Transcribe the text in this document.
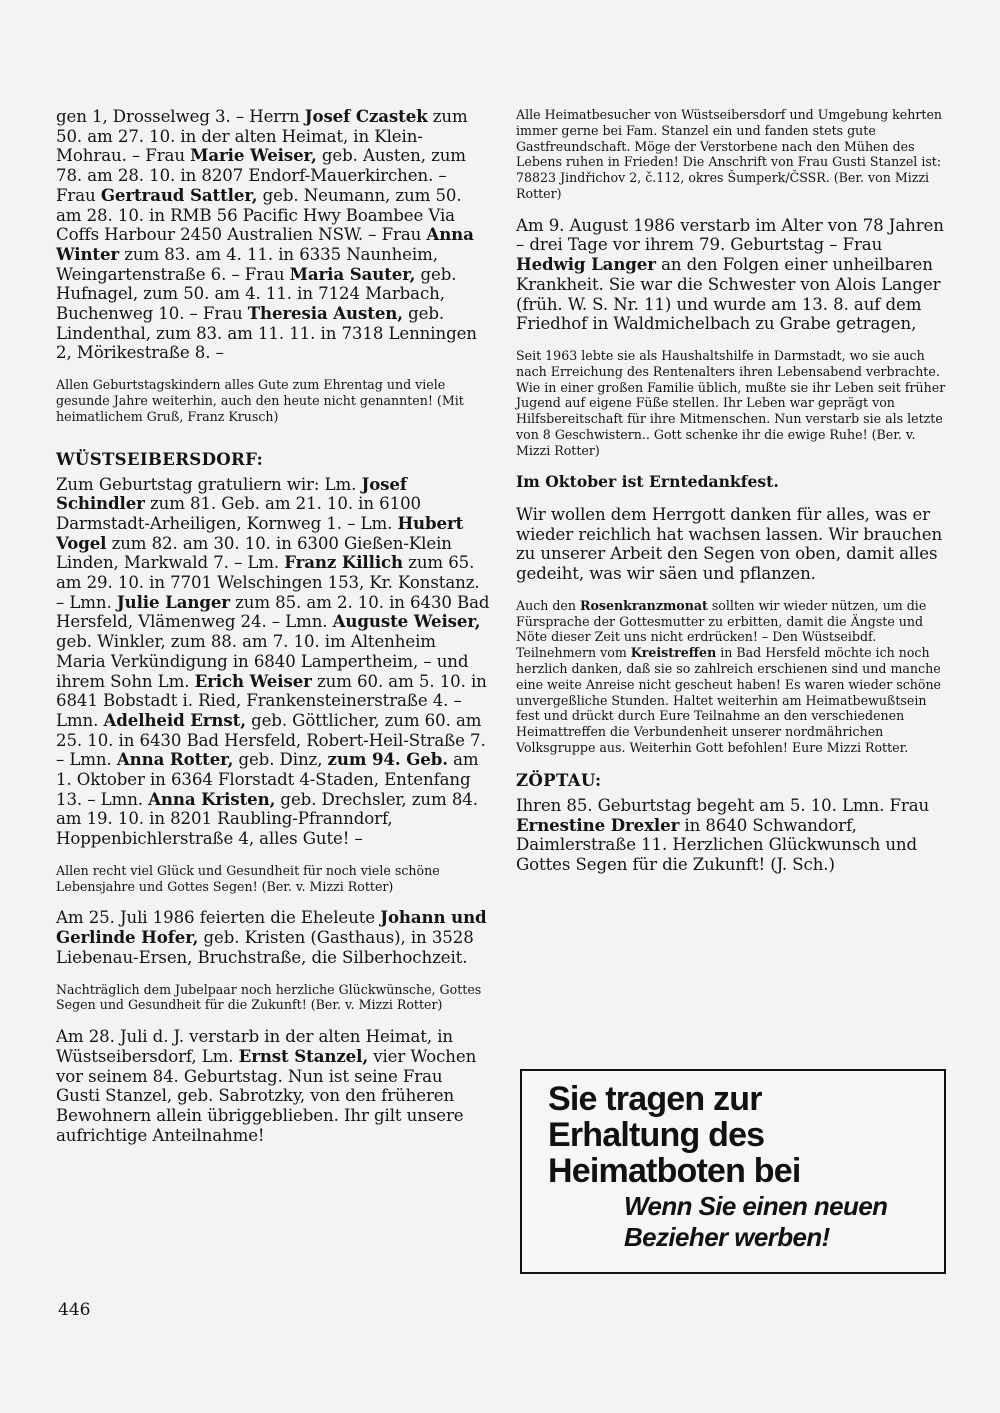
gen 1, Drosselweg 3. – Herrn Josef Czastek zum 50. am 27. 10. in der alten Heimat, in Klein-Mohrau. – Frau Marie Weiser, geb. Austen, zum 78. am 28. 10. in 8207 Endorf-Mauerkirchen. – Frau Gertraud Sattler, geb. Neumann, zum 50. am 28. 10. in RMB 56 Pacific Hwy Boambee Via Coffs Harbour 2450 Australien NSW. – Frau Anna Winter zum 83. am 4. 11. in 6335 Naunheim, Weingartenstraße 6. – Frau Maria Sauter, geb. Hufnagel, zum 50. am 4. 11. in 7124 Marbach, Buchenweg 10. – Frau Theresia Austen, geb. Lindenthal, zum 83. am 11. 11. in 7318 Lenningen 2, Mörikestraße 8. –
Allen Geburtstagskindern alles Gute zum Ehrentag und viele gesunde Jahre weiterhin, auch den heute nicht genannten! (Mit heimatlichem Gruß, Franz Krusch)
WÜSTSEIBERSDORF:
Zum Geburtstag gratuliern wir: Lm. Josef Schindler zum 81. Geb. am 21. 10. in 6100 Darmstadt-Arheiligen, Kornweg 1. – Lm. Hubert Vogel zum 82. am 30. 10. in 6300 Gießen-Klein Linden, Markwald 7. – Lm. Franz Killich zum 65. am 29. 10. in 7701 Welschingen 153, Kr. Konstanz. – Lmn. Julie Langer zum 85. am 2. 10. in 6430 Bad Hersfeld, Vlämenweg 24. – Lmn. Auguste Weiser, geb. Winkler, zum 88. am 7. 10. im Altenheim Maria Verkündigung in 6840 Lampertheim, – und ihrem Sohn Lm. Erich Weiser zum 60. am 5. 10. in 6841 Bobstadt i. Ried, Frankensteinerstraße 4. – Lmn. Adelheid Ernst, geb. Göttlicher, zum 60. am 25. 10. in 6430 Bad Hersfeld, Robert-Heil-Straße 7. – Lmn. Anna Rotter, geb. Dinz, zum 94. Geb. am 1. Oktober in 6364 Florstadt 4-Staden, Entenfang 13. – Lmn. Anna Kristen, geb. Drechsler, zum 84. am 19. 10. in 8201 Raubling-Pfranndorf, Hoppenbichlerstraße 4, alles Gute! –
Allen recht viel Glück und Gesundheit für noch viele schöne Lebensjahre und Gottes Segen! (Ber. v. Mizzi Rotter)
Am 25. Juli 1986 feierten die Eheleute Johann und Gerlinde Hofer, geb. Kristen (Gasthaus), in 3528 Liebenau-Ersen, Bruchstraße, die Silberhochzeit.
Nachträglich dem Jubelpaar noch herzliche Glückwünsche, Gottes Segen und Gesundheit für die Zukunft! (Ber. v. Mizzi Rotter)
Am 28. Juli d. J. verstarb in der alten Heimat, in Wüstseibersdorf, Lm. Ernst Stanzel, vier Wochen vor seinem 84. Geburtstag. Nun ist seine Frau Gusti Stanzel, geb. Sabrotzky, von den früheren Bewohnern allein übriggeblieben. Ihr gilt unsere aufrichtige Anteilnahme!
Alle Heimatbesucher von Wüstseibersdorf und Umgebung kehrten immer gerne bei Fam. Stanzel ein und fanden stets gute Gastfreundschaft. Möge der Verstorbene nach den Mühen des Lebens ruhen in Frieden! Die Anschrift von Frau Gusti Stanzel ist: 78823 Jindřichov 2, č.112, okres Šumperk/ČSSR. (Ber. von Mizzi Rotter)
Am 9. August 1986 verstarb im Alter von 78 Jahren – drei Tage vor ihrem 79. Geburtstag – Frau Hedwig Langer an den Folgen einer unheilbaren Krankheit. Sie war die Schwester von Alois Langer (früh. W. S. Nr. 11) und wurde am 13. 8. auf dem Friedhof in Waldmichelbach zu Grabe getragen,
Seit 1963 lebte sie als Haushaltshilfe in Darmstadt, wo sie auch nach Erreichung des Rentenalters ihren Lebensabend verbrachte. Wie in einer großen Familie üblich, mußte sie ihr Leben seit früher Jugend auf eigene Füße stellen. Ihr Leben war geprägt von Hilfsbereitschaft für ihre Mitmenschen. Nun verstarb sie als letzte von 8 Geschwistern.. Gott schenke ihr die ewige Ruhe! (Ber. v. Mizzi Rotter)
Im Oktober ist Erntedankfest.
Wir wollen dem Herrgott danken für alles, was er wieder reichlich hat wachsen lassen. Wir brauchen zu unserer Arbeit den Segen von oben, damit alles gedeiht, was wir säen und pflanzen.
Auch den Rosenkranzmonat sollten wir wieder nützen, um die Fürsprache der Gottesmutter zu erbitten, damit die Ängste und Nöte dieser Zeit uns nicht erdrücken! – Den Wüstseibdf. Teilnehmern vom Kreistreffen in Bad Hersfeld möchte ich noch herzlich danken, daß sie so zahlreich erschienen sind und manche eine weite Anreise nicht gescheut haben! Es waren wieder schöne unvergeßliche Stunden. Haltet weiterhin am Heimatbewußtsein fest und drückt durch Eure Teilnahme an den verschiedenen Heimattreffen die Verbundenheit unserer nordmährichen Volksgruppe aus. Weiterhin Gott befohlen! Eure Mizzi Rotter.
ZÖPTAU:
Ihren 85. Geburtstag begeht am 5. 10. Lmn. Frau Ernestine Drexler in 8640 Schwandorf, Daimlerstraße 11. Herzlichen Glückwunsch und Gottes Segen für die Zukunft! (J. Sch.)
Sie tragen zur
Erhaltung des
Heimatboten bei
Wenn Sie einen neuen
Bezieher werben!
446
